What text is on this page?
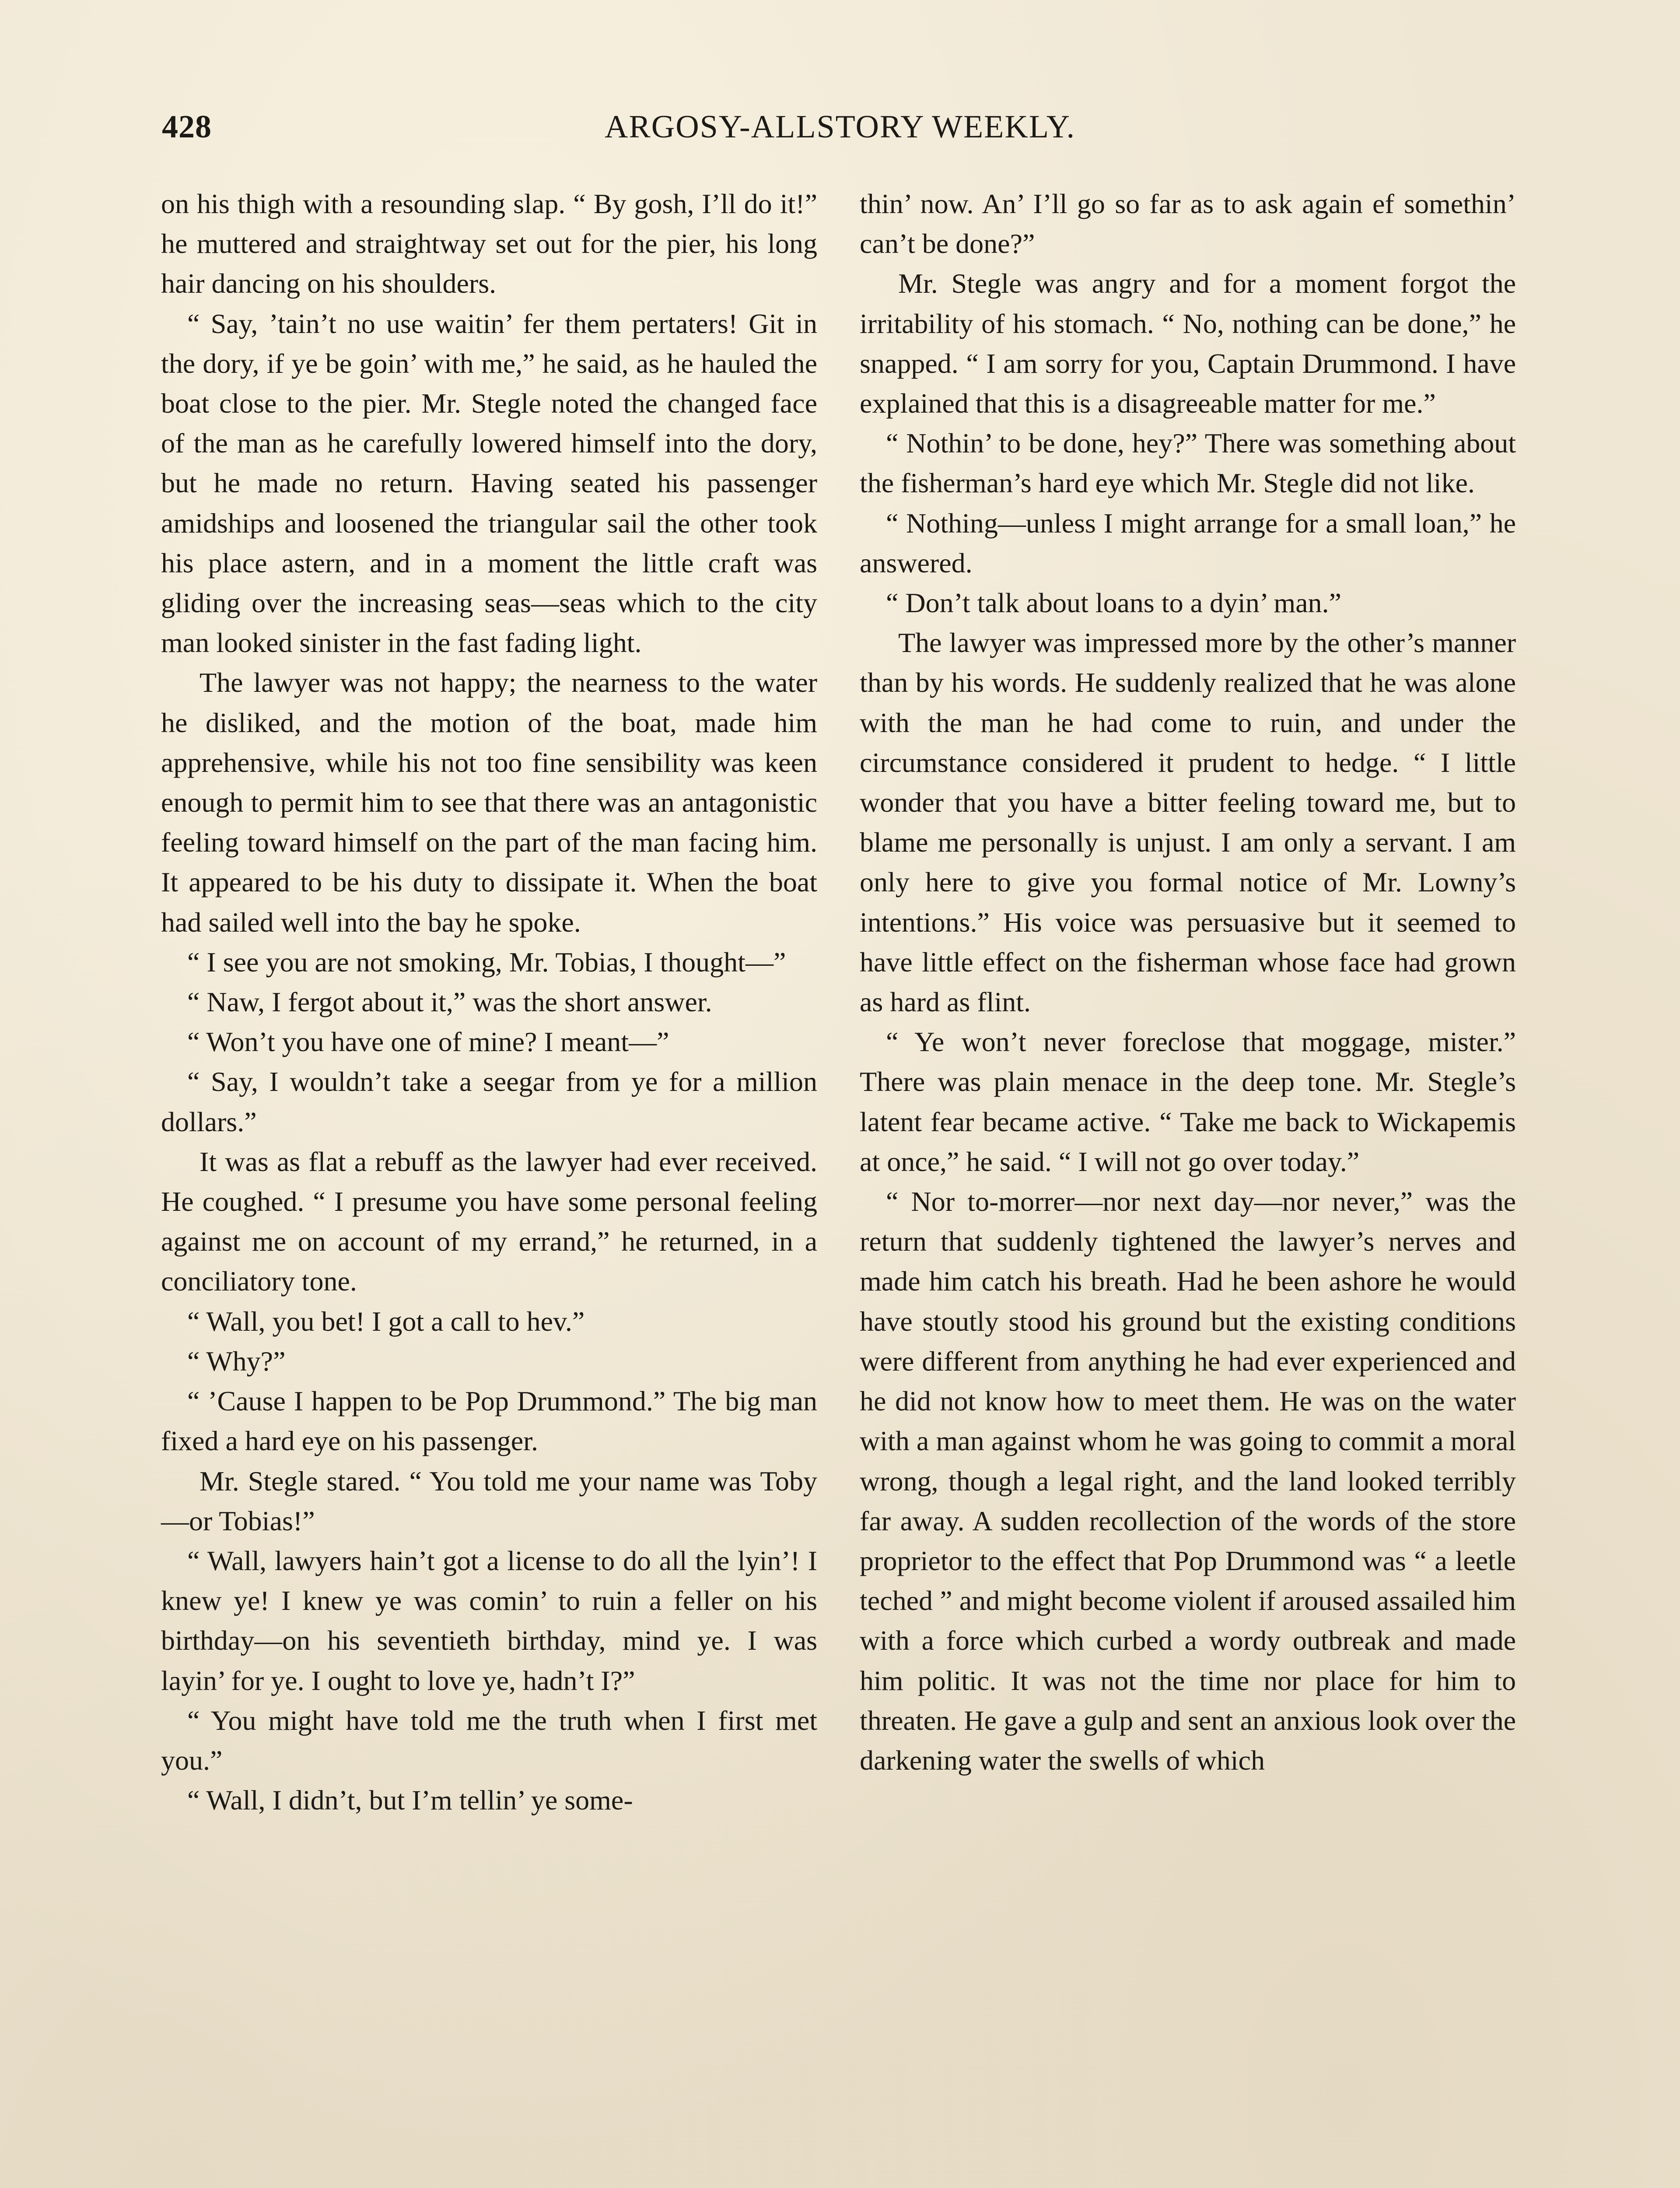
428	ARGOSY-ALLSTORY WEEKLY.

on his thigh with a resounding slap. “ By gosh, I’ll do it!” he muttered and straightway set out for the pier, his long hair dancing on his shoulders.

“ Say, ’tain’t no use waitin’ fer them pertaters! Git in the dory, if ye be goin’ with me,” he said, as he hauled the boat close to the pier. Mr. Stegle noted the changed face of the man as he carefully lowered himself into the dory, but he made no return. Having seated his passenger amidships and loosened the triangular sail the other took his place astern, and in a moment the little craft was gliding over the increasing seas—seas which to the city man looked sinister in the fast fading light.

The lawyer was not happy; the nearness to the water he disliked, and the motion of the boat, made him apprehensive, while his not too fine sensibility was keen enough to permit him to see that there was an antagonistic feeling toward himself on the part of the man facing him. It appeared to be his duty to dissipate it. When the boat had sailed well into the bay he spoke.

“ I see you are not smoking, Mr. Tobias, I thought—”

“ Naw, I fergot about it,” was the short answer.

“ Won’t you have one of mine? I meant—”

“ Say, I wouldn’t take a seegar from ye for a million dollars.”

It was as flat a rebuff as the lawyer had ever received. He coughed. “ I presume you have some personal feeling against me on account of my errand,” he returned, in a conciliatory tone.

“ Wall, you bet! I got a call to hev.”

“ Why?”

“ ’Cause I happen to be Pop Drummond.” The big man fixed a hard eye on his passenger.

Mr. Stegle stared. “ You told me your name was Toby—or Tobias!”

“ Wall, lawyers hain’t got a license to do all the lyin’! I knew ye! I knew ye was comin’ to ruin a feller on his birthday—on his seventieth birthday, mind ye. I was layin’ for ye. I ought to love ye, hadn’t I?”

“ You might have told me the truth when I first met you.”

“ Wall, I didn’t, but I’m tellin’ ye some-

thin’ now. An’ I’ll go so far as to ask again ef somethin’ can’t be done?”

Mr. Stegle was angry and for a moment forgot the irritability of his stomach. “ No, nothing can be done,” he snapped. “ I am sorry for you, Captain Drummond. I have explained that this is a disagreeable matter for me.”

“ Nothin’ to be done, hey?” There was something about the fisherman’s hard eye which Mr. Stegle did not like.

“ Nothing—unless I might arrange for a small loan,” he answered.

“ Don’t talk about loans to a dyin’ man.”

The lawyer was impressed more by the other’s manner than by his words. He suddenly realized that he was alone with the man he had come to ruin, and under the circumstance considered it prudent to hedge. “ I little wonder that you have a bitter feeling toward me, but to blame me personally is unjust. I am only a servant. I am only here to give you formal notice of Mr. Lowny’s intentions.” His voice was persuasive but it seemed to have little effect on the fisherman whose face had grown as hard as flint.

“ Ye won’t never foreclose that moggage, mister.” There was plain menace in the deep tone. Mr. Stegle’s latent fear became active. “ Take me back to Wickapemis at once,” he said. “ I will not go over today.”

“ Nor to-morrer—nor next day—nor never,” was the return that suddenly tightened the lawyer’s nerves and made him catch his breath. Had he been ashore he would have stoutly stood his ground but the existing conditions were different from anything he had ever experienced and he did not know how to meet them. He was on the water with a man against whom he was going to commit a moral wrong, though a legal right, and the land looked terribly far away. A sudden recollection of the words of the store proprietor to the effect that Pop Drummond was “ a leetle teched ” and might become violent if aroused assailed him with a force which curbed a wordy outbreak and made him politic. It was not the time nor place for him to threaten. He gave a gulp and sent an anxious look over the darkening water the swells of which
